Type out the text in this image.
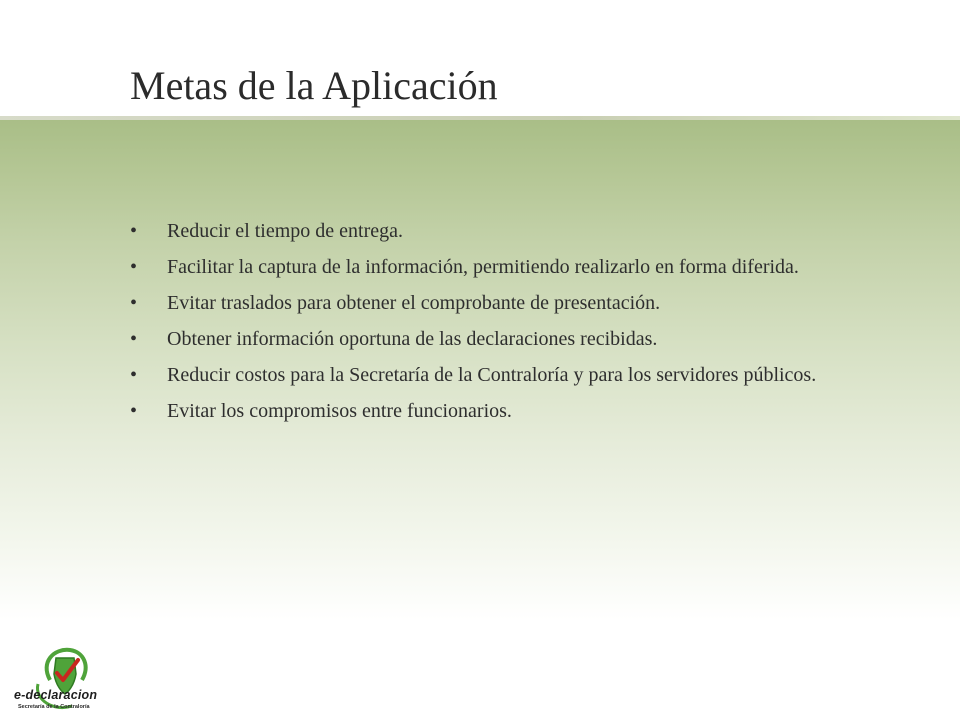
Metas de la Aplicación
• Reducir el tiempo de entrega.
• Facilitar la captura de la información, permitiendo realizarlo en forma diferida.
• Evitar traslados para obtener el comprobante de presentación.
• Obtener información oportuna de las declaraciones recibidas.
• Reducir costos para la Secretaría de la Contraloría y para los servidores públicos.
• Evitar los compromisos entre funcionarios.
e-declaracion
Secretaría de la Contraloría
